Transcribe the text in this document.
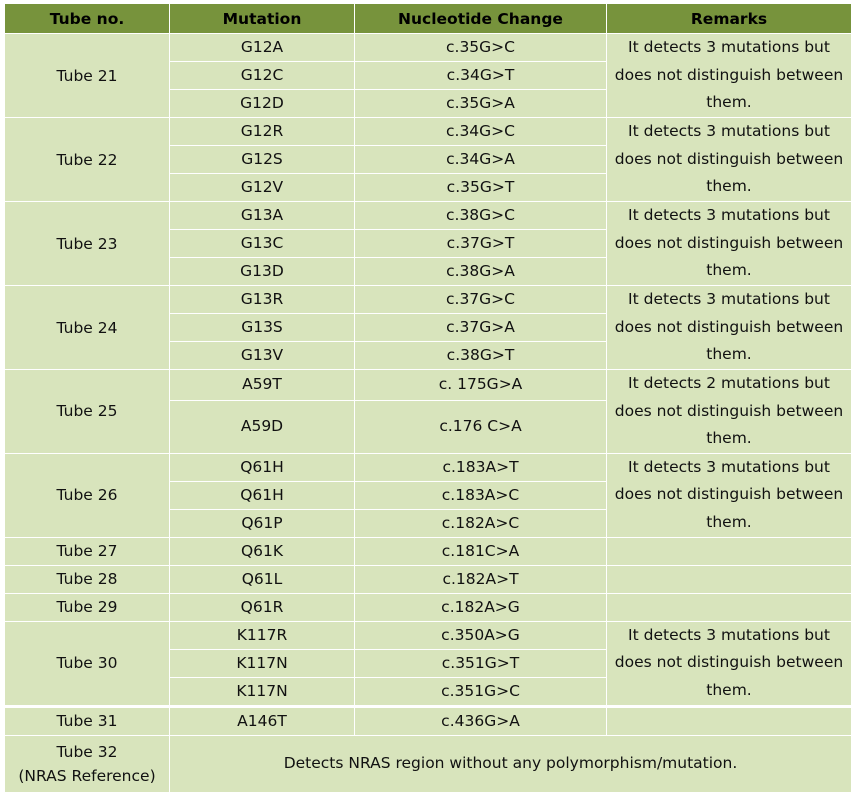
Tube no.	Mutation	Nucleotide Change	Remarks
Tube 21	G12A	c.35G>C	It detects 3 mutations but does not distinguish between them.
	G12C	c.34G>T	
	G12D	c.35G>A	
Tube 22	G12R	c.34G>C	It detects 3 mutations but does not distinguish between them.
	G12S	c.34G>A	
	G12V	c.35G>T	
Tube 23	G13A	c.38G>C	It detects 3 mutations but does not distinguish between them.
	G13C	c.37G>T	
	G13D	c.38G>A	
Tube 24	G13R	c.37G>C	It detects 3 mutations but does not distinguish between them.
	G13S	c.37G>A	
	G13V	c.38G>T	
Tube 25	A59T	c. 175G>A	It detects 2 mutations but does not distinguish between them.
	A59D	c.176 C>A	
Tube 26	Q61H	c.183A>T	It detects 3 mutations but does not distinguish between them.
	Q61H	c.183A>C	
	Q61P	c.182A>C	
Tube 27	Q61K	c.181C>A	
Tube 28	Q61L	c.182A>T	
Tube 29	Q61R	c.182A>G	
Tube 30	K117R	c.350A>G	It detects 3 mutations but does not distinguish between them.
	K117N	c.351G>T	
	K117N	c.351G>C	
Tube 31	A146T	c.436G>A	

Tube 32
(NRAS Reference)	Detects NRAS region without any polymorphism/mutation.		
